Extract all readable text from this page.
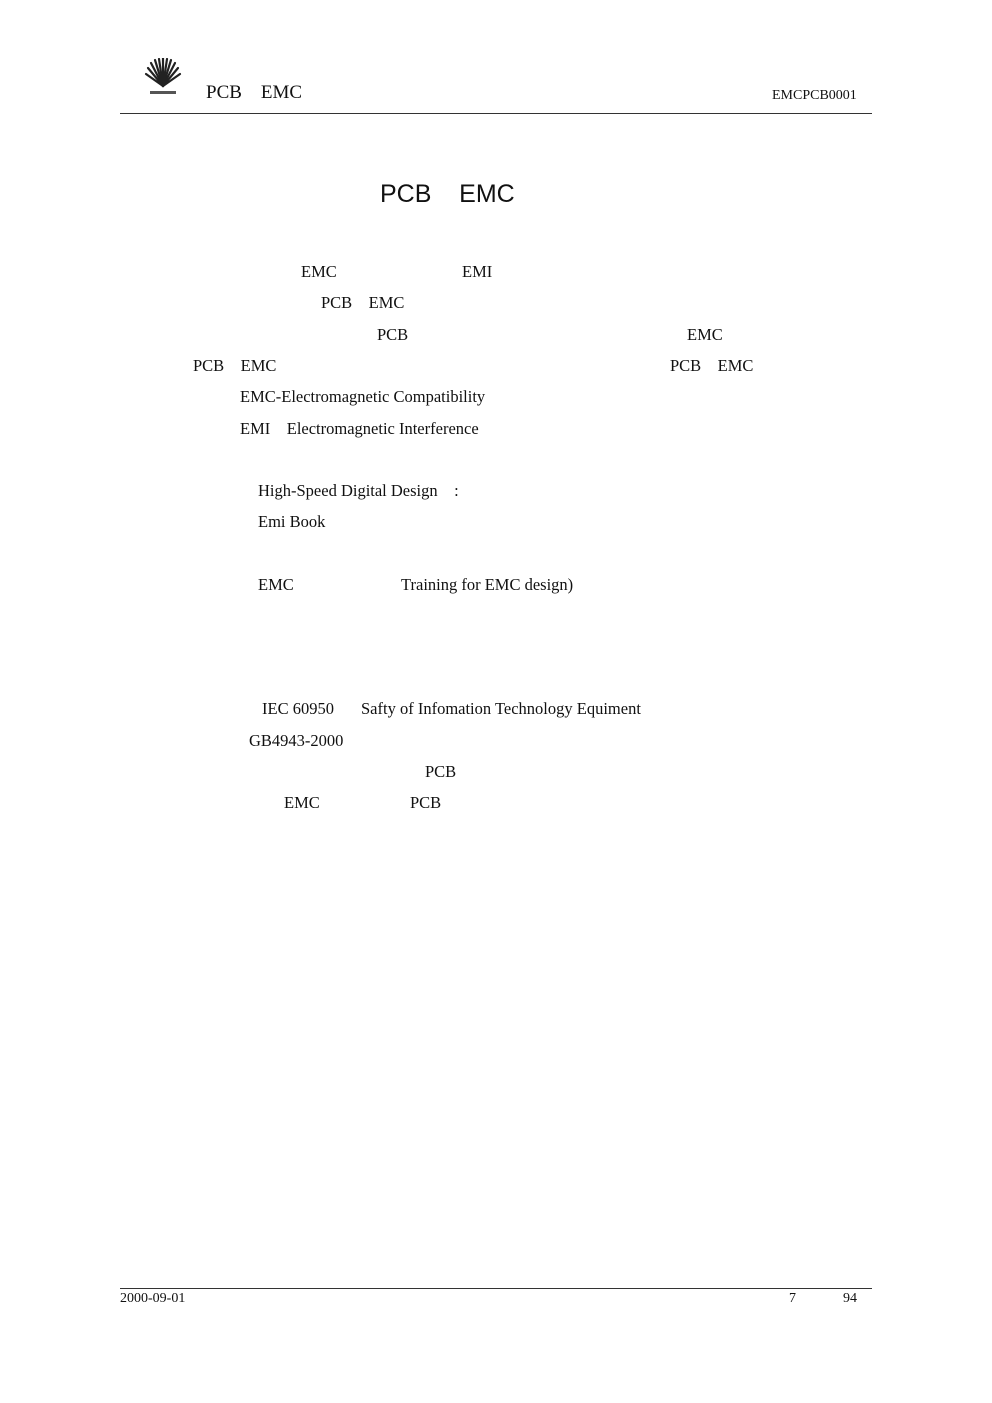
PCB    EMC	EMCPCB0001
PCB    EMC
EMC	EMI
PCB    EMC
PCB	EMC
PCB    EMC	PCB    EMC
EMC-Electromagnetic Compatibility
EMI    Electromagnetic Interference
High-Speed Digital Design    :
Emi Book
EMC	Training for EMC design)
IEC 60950 Safty of Infomation Technology Equiment
GB4943-2000
PCB
EMC	PCB
2000-09-01	7	94
